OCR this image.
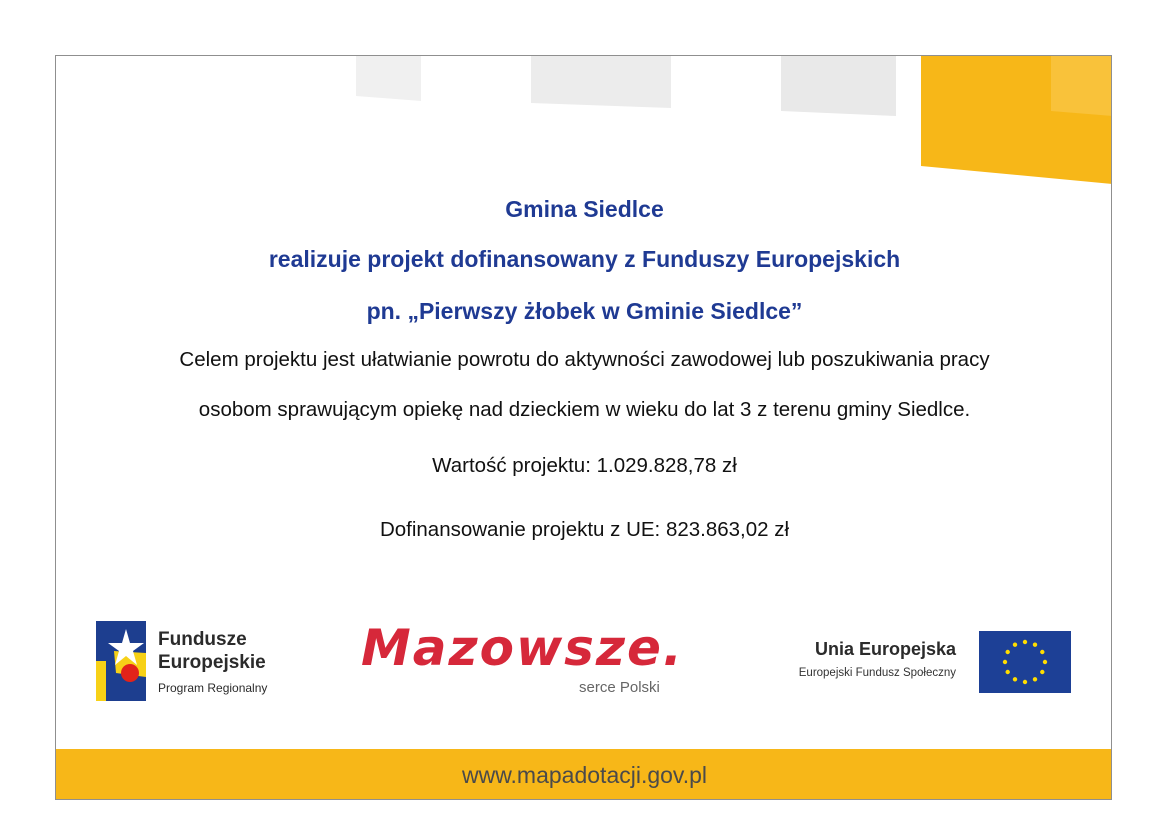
Gmina Siedlce
realizuje projekt dofinansowany z Funduszy Europejskich
pn. „Pierwszy żłobek w Gminie Siedlce”
Celem projektu jest ułatwianie powrotu do aktywności zawodowej lub poszukiwania pracy
osobom sprawującym opiekę nad dzieckiem w wieku do lat 3 z terenu gminy Siedlce.
Wartość projektu: 1.029.828,78 zł
Dofinansowanie projektu z UE: 823.863,02 zł
Fundusze
Europejskie
Program Regionalny
Mazowsze.
serce Polski
Unia Europejska
Europejski Fundusz Społeczny
www.mapadotacji.gov.pl
